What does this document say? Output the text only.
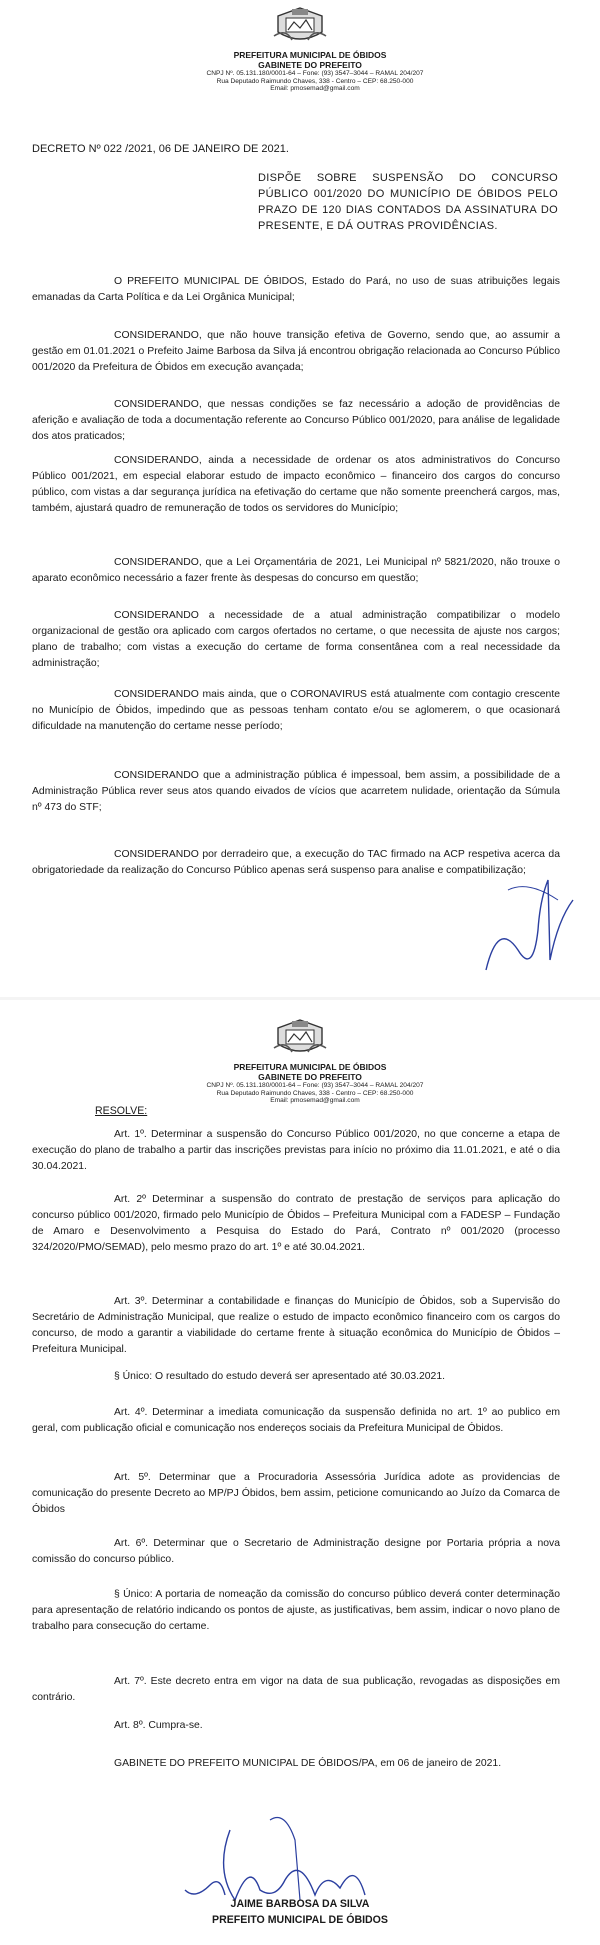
PREFEITURA MUNICIPAL DE ÓBIDOS
GABINETE DO PREFEITO
CNPJ Nº. 05.131.180/0001-64 – Fone: (93) 3547–3044 – RAMAL 204/207
Rua Deputado Raimundo Chaves, 338 - Centro – CEP: 68.250-000
Email: pmosemad@gmail.com
DECRETO Nº 022 /2021, 06 DE JANEIRO DE 2021.
DISPÕE SOBRE SUSPENSÃO DO CONCURSO PÚBLICO 001/2020 DO MUNICÍPIO DE ÓBIDOS PELO PRAZO DE 120 DIAS CONTADOS DA ASSINATURA DO PRESENTE, E DÁ OUTRAS PROVIDÊNCIAS.
O PREFEITO MUNICIPAL DE ÓBIDOS, Estado do Pará, no uso de suas atribuições legais emanadas da Carta Política e da Lei Orgânica Municipal;
CONSIDERANDO, que não houve transição efetiva de Governo, sendo que, ao assumir a gestão em 01.01.2021 o Prefeito Jaime Barbosa da Silva já encontrou obrigação relacionada ao Concurso Público 001/2020 da Prefeitura de Óbidos em execução avançada;
CONSIDERANDO, que nessas condições se faz necessário a adoção de providências de aferição e avaliação de toda a documentação referente ao Concurso Público 001/2020, para análise de legalidade dos atos praticados;
CONSIDERANDO, ainda a necessidade de ordenar os atos administrativos do Concurso Público 001/2021, em especial elaborar estudo de impacto econômico – financeiro dos cargos do concurso público, com vistas a dar segurança jurídica na efetivação do certame que não somente preencherá cargos, mas, também, ajustará quadro de remuneração de todos os servidores do Município;
CONSIDERANDO, que a Lei Orçamentária de 2021, Lei Municipal nº 5821/2020, não trouxe o aparato econômico necessário a fazer frente às despesas do concurso em questão;
CONSIDERANDO a necessidade de a atual administração compatibilizar o modelo organizacional de gestão ora aplicado com cargos ofertados no certame, o que necessita de ajuste nos cargos; plano de trabalho; com vistas a execução do certame de forma consentânea com a real necessidade da administração;
CONSIDERANDO mais ainda, que o CORONAVIRUS está atualmente com contagio crescente no Município de Óbidos, impedindo que as pessoas tenham contato e/ou se aglomerem, o que ocasionará dificuldade na manutenção do certame nesse período;
CONSIDERANDO que a administração pública é impessoal, bem assim, a possibilidade de a Administração Pública rever seus atos quando eivados de vícios que acarretem nulidade, orientação da Súmula nº 473 do STF;
CONSIDERANDO por derradeiro que, a execução do TAC firmado na ACP respetiva acerca da obrigatoriedade da realização do Concurso Público apenas será suspenso para analise e compatibilização;
PREFEITURA MUNICIPAL DE ÓBIDOS
GABINETE DO PREFEITO
CNPJ Nº. 05.131.180/0001-64 – Fone: (93) 3547–3044 – RAMAL 204/207
Rua Deputado Raimundo Chaves, 338 - Centro – CEP: 68.250-000
Email: pmosemad@gmail.com
RESOLVE:
Art. 1º. Determinar a suspensão do Concurso Público 001/2020, no que concerne a etapa de execução do plano de trabalho a partir das inscrições previstas para início no próximo dia 11.01.2021, e até o dia 30.04.2021.
Art. 2º Determinar a suspensão do contrato de prestação de serviços para aplicação do concurso público 001/2020, firmado pelo Município de Óbidos – Prefeitura Municipal com a FADESP – Fundação de Amaro e Desenvolvimento a Pesquisa do Estado do Pará, Contrato nº 001/2020 (processo 324/2020/PMO/SEMAD), pelo mesmo prazo do art. 1º e até 30.04.2021.
Art. 3º. Determinar a contabilidade e finanças do Município de Óbidos, sob a Supervisão do Secretário de Administração Municipal, que realize o estudo de impacto econômico financeiro com os cargos do concurso, de modo a garantir a viabilidade do certame frente à situação econômica do Município de Óbidos – Prefeitura Municipal.
§ Único: O resultado do estudo deverá ser apresentado até 30.03.2021.
Art. 4º. Determinar a imediata comunicação da suspensão definida no art. 1º ao publico em geral, com publicação oficial e comunicação nos endereços sociais da Prefeitura Municipal de Óbidos.
Art. 5º. Determinar que a Procuradoria Assessória Jurídica adote as providencias de comunicação do presente Decreto ao MP/PJ Óbidos, bem assim, peticione comunicando ao Juízo da Comarca de Óbidos
Art. 6º. Determinar que o Secretario de Administração designe por Portaria própria a nova comissão do concurso público.
§ Único: A portaria de nomeação da comissão do concurso público deverá conter determinação para apresentação de relatório indicando os pontos de ajuste, as justificativas, bem assim, indicar o novo plano de trabalho para consecução do certame.
Art. 7º. Este decreto entra em vigor na data de sua publicação, revogadas as disposições em contrário.
Art. 8º. Cumpra-se.
GABINETE DO PREFEITO MUNICIPAL DE ÓBIDOS/PA, em 06 de janeiro de 2021.
JAIME BARBOSA DA SILVA
PREFEITO MUNICIPAL DE ÓBIDOS
